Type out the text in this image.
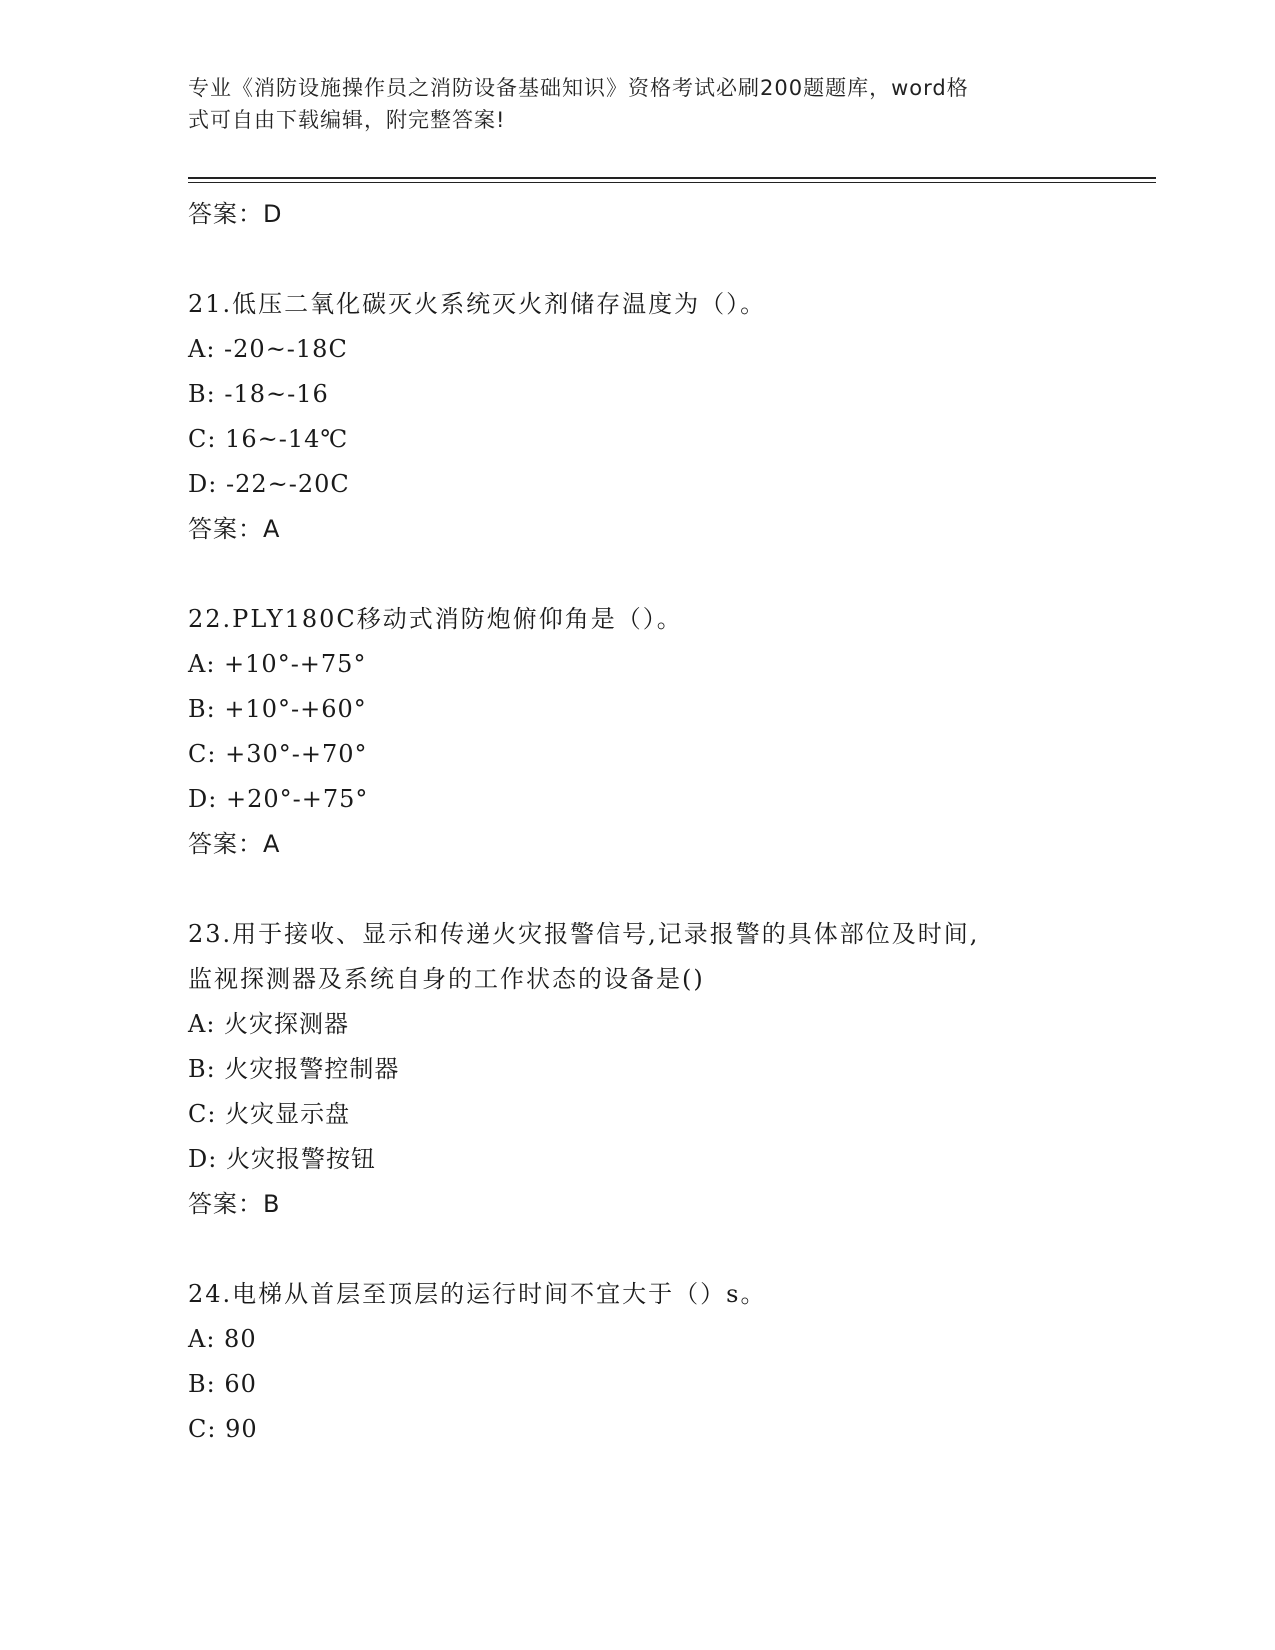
专业《消防设施操作员之消防设备基础知识》资格考试必刷200题题库，word格
式可自由下载编辑，附完整答案!
答案：D
21.低压二氧化碳灭火系统灭火剂储存温度为（）。
A: -20~-18C
B: -18~-16
C: 16~-14℃
D: -22~-20C
答案：A
22.PLY180C移动式消防炮俯仰角是（）。
A: +10°-+75°
B: +10°-+60°
C: +30°-+70°
D: +20°-+75°
答案：A
23.用于接收、显示和传递火灾报警信号,记录报警的具体部位及时间,
监视探测器及系统自身的工作状态的设备是()
A: 火灾探测器
B: 火灾报警控制器
C: 火灾显示盘
D: 火灾报警按钮
答案：B
24.电梯从首层至顶层的运行时间不宜大于（）s。
A: 80
B: 60
C: 90
